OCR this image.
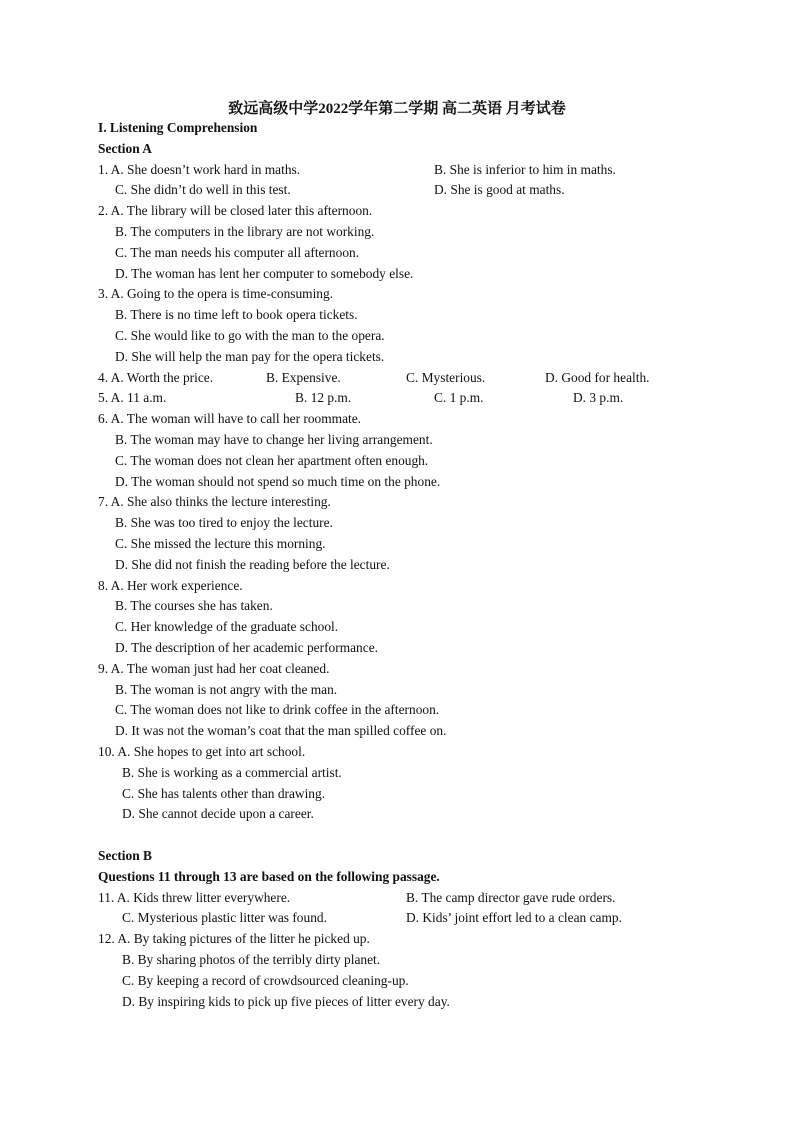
致远高级中学2022学年第二学期 高二英语 月考试卷
I. Listening Comprehension
Section A
1. A. She doesn’t work hard in maths.	B. She is inferior to him in maths.
C. She didn’t do well in this test.	D. She is good at maths.
2. A. The library will be closed later this afternoon.
B. The computers in the library are not working.
C. The man needs his computer all afternoon.
D. The woman has lent her computer to somebody else.
3. A. Going to the opera is time-consuming.
B. There is no time left to book opera tickets.
C. She would like to go with the man to the opera.
D. She will help the man pay for the opera tickets.
4. A. Worth the price.	B. Expensive.	C. Mysterious.	D. Good for health.
5. A. 11 a.m.	B. 12 p.m.	C. 1 p.m.	D. 3 p.m.
6. A. The woman will have to call her roommate.
B. The woman may have to change her living arrangement.
C. The woman does not clean her apartment often enough.
D. The woman should not spend so much time on the phone.
7. A. She also thinks the lecture interesting.
B. She was too tired to enjoy the lecture.
C. She missed the lecture this morning.
D. She did not finish the reading before the lecture.
8. A. Her work experience.
B. The courses she has taken.
C. Her knowledge of the graduate school.
D. The description of her academic performance.
9. A. The woman just had her coat cleaned.
B. The woman is not angry with the man.
C. The woman does not like to drink coffee in the afternoon.
D. It was not the woman’s coat that the man spilled coffee on.
10. A. She hopes to get into art school.
B. She is working as a commercial artist.
C. She has talents other than drawing.
D. She cannot decide upon a career.
Section B
Questions 11 through 13 are based on the following passage.
11. A. Kids threw litter everywhere.	B. The camp director gave rude orders.
C. Mysterious plastic litter was found.	D. Kids’ joint effort led to a clean camp.
12. A. By taking pictures of the litter he picked up.
B. By sharing photos of the terribly dirty planet.
C. By keeping a record of crowdsourced cleaning-up.
D. By inspiring kids to pick up five pieces of litter every day.
